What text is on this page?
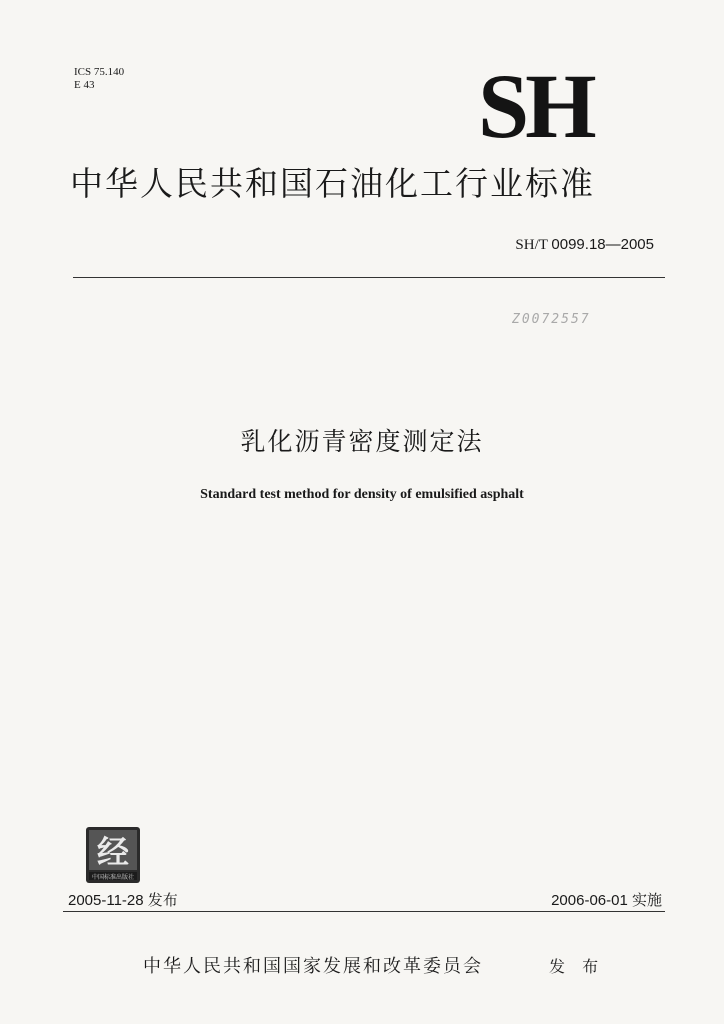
ICS 75.140
E 43	SH
中华人民共和国石油化工行业标准
SH/T 0099.18—2005
Z0072557
乳化沥青密度测定法
Standard test method for density of emulsified asphalt
经
中国标准出版社
2005-11-28 发布	2006-06-01 实施
中华人民共和国国家发展和改革委员会	发 布
